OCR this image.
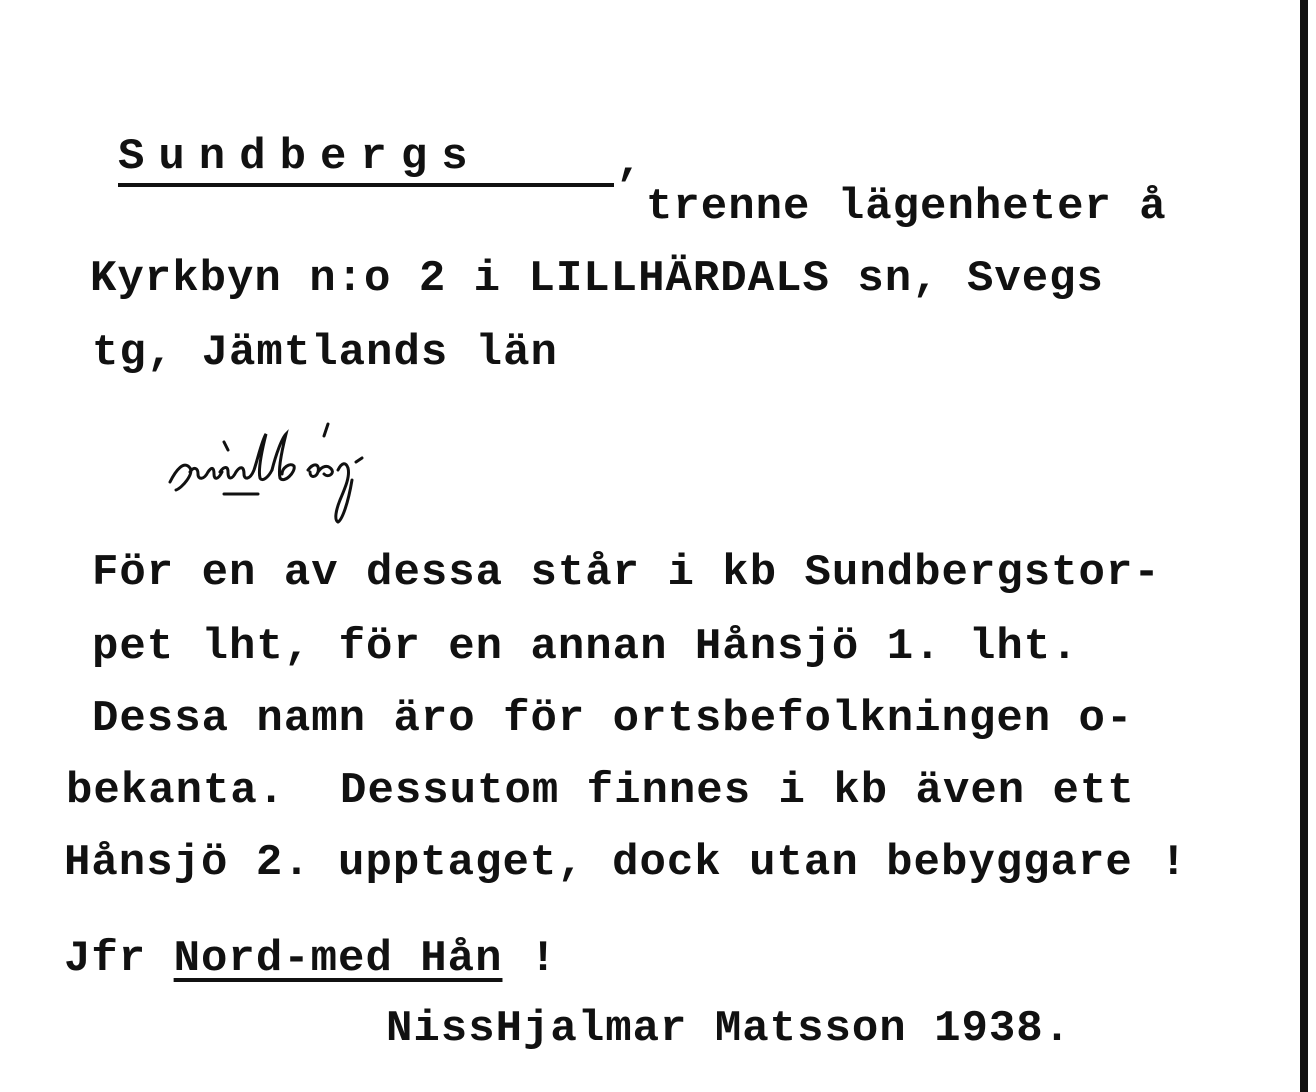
Sundbergs	,
trenne lägenheter å
Kyrkbyn n:o 2 i LILLHÄRDALS sn, Svegs
tg, Jämtlands län
För en av dessa står i kb Sundbergstor-
pet lht, för en annan Hånsjö 1. lht.
Dessa namn äro för ortsbefolkningen o-
bekanta.  Dessutom finnes i kb även ett
Hånsjö 2. upptaget, dock utan bebyggare !
Jfr Nord-med Hån !
NissHjalmar Matsson 1938.
